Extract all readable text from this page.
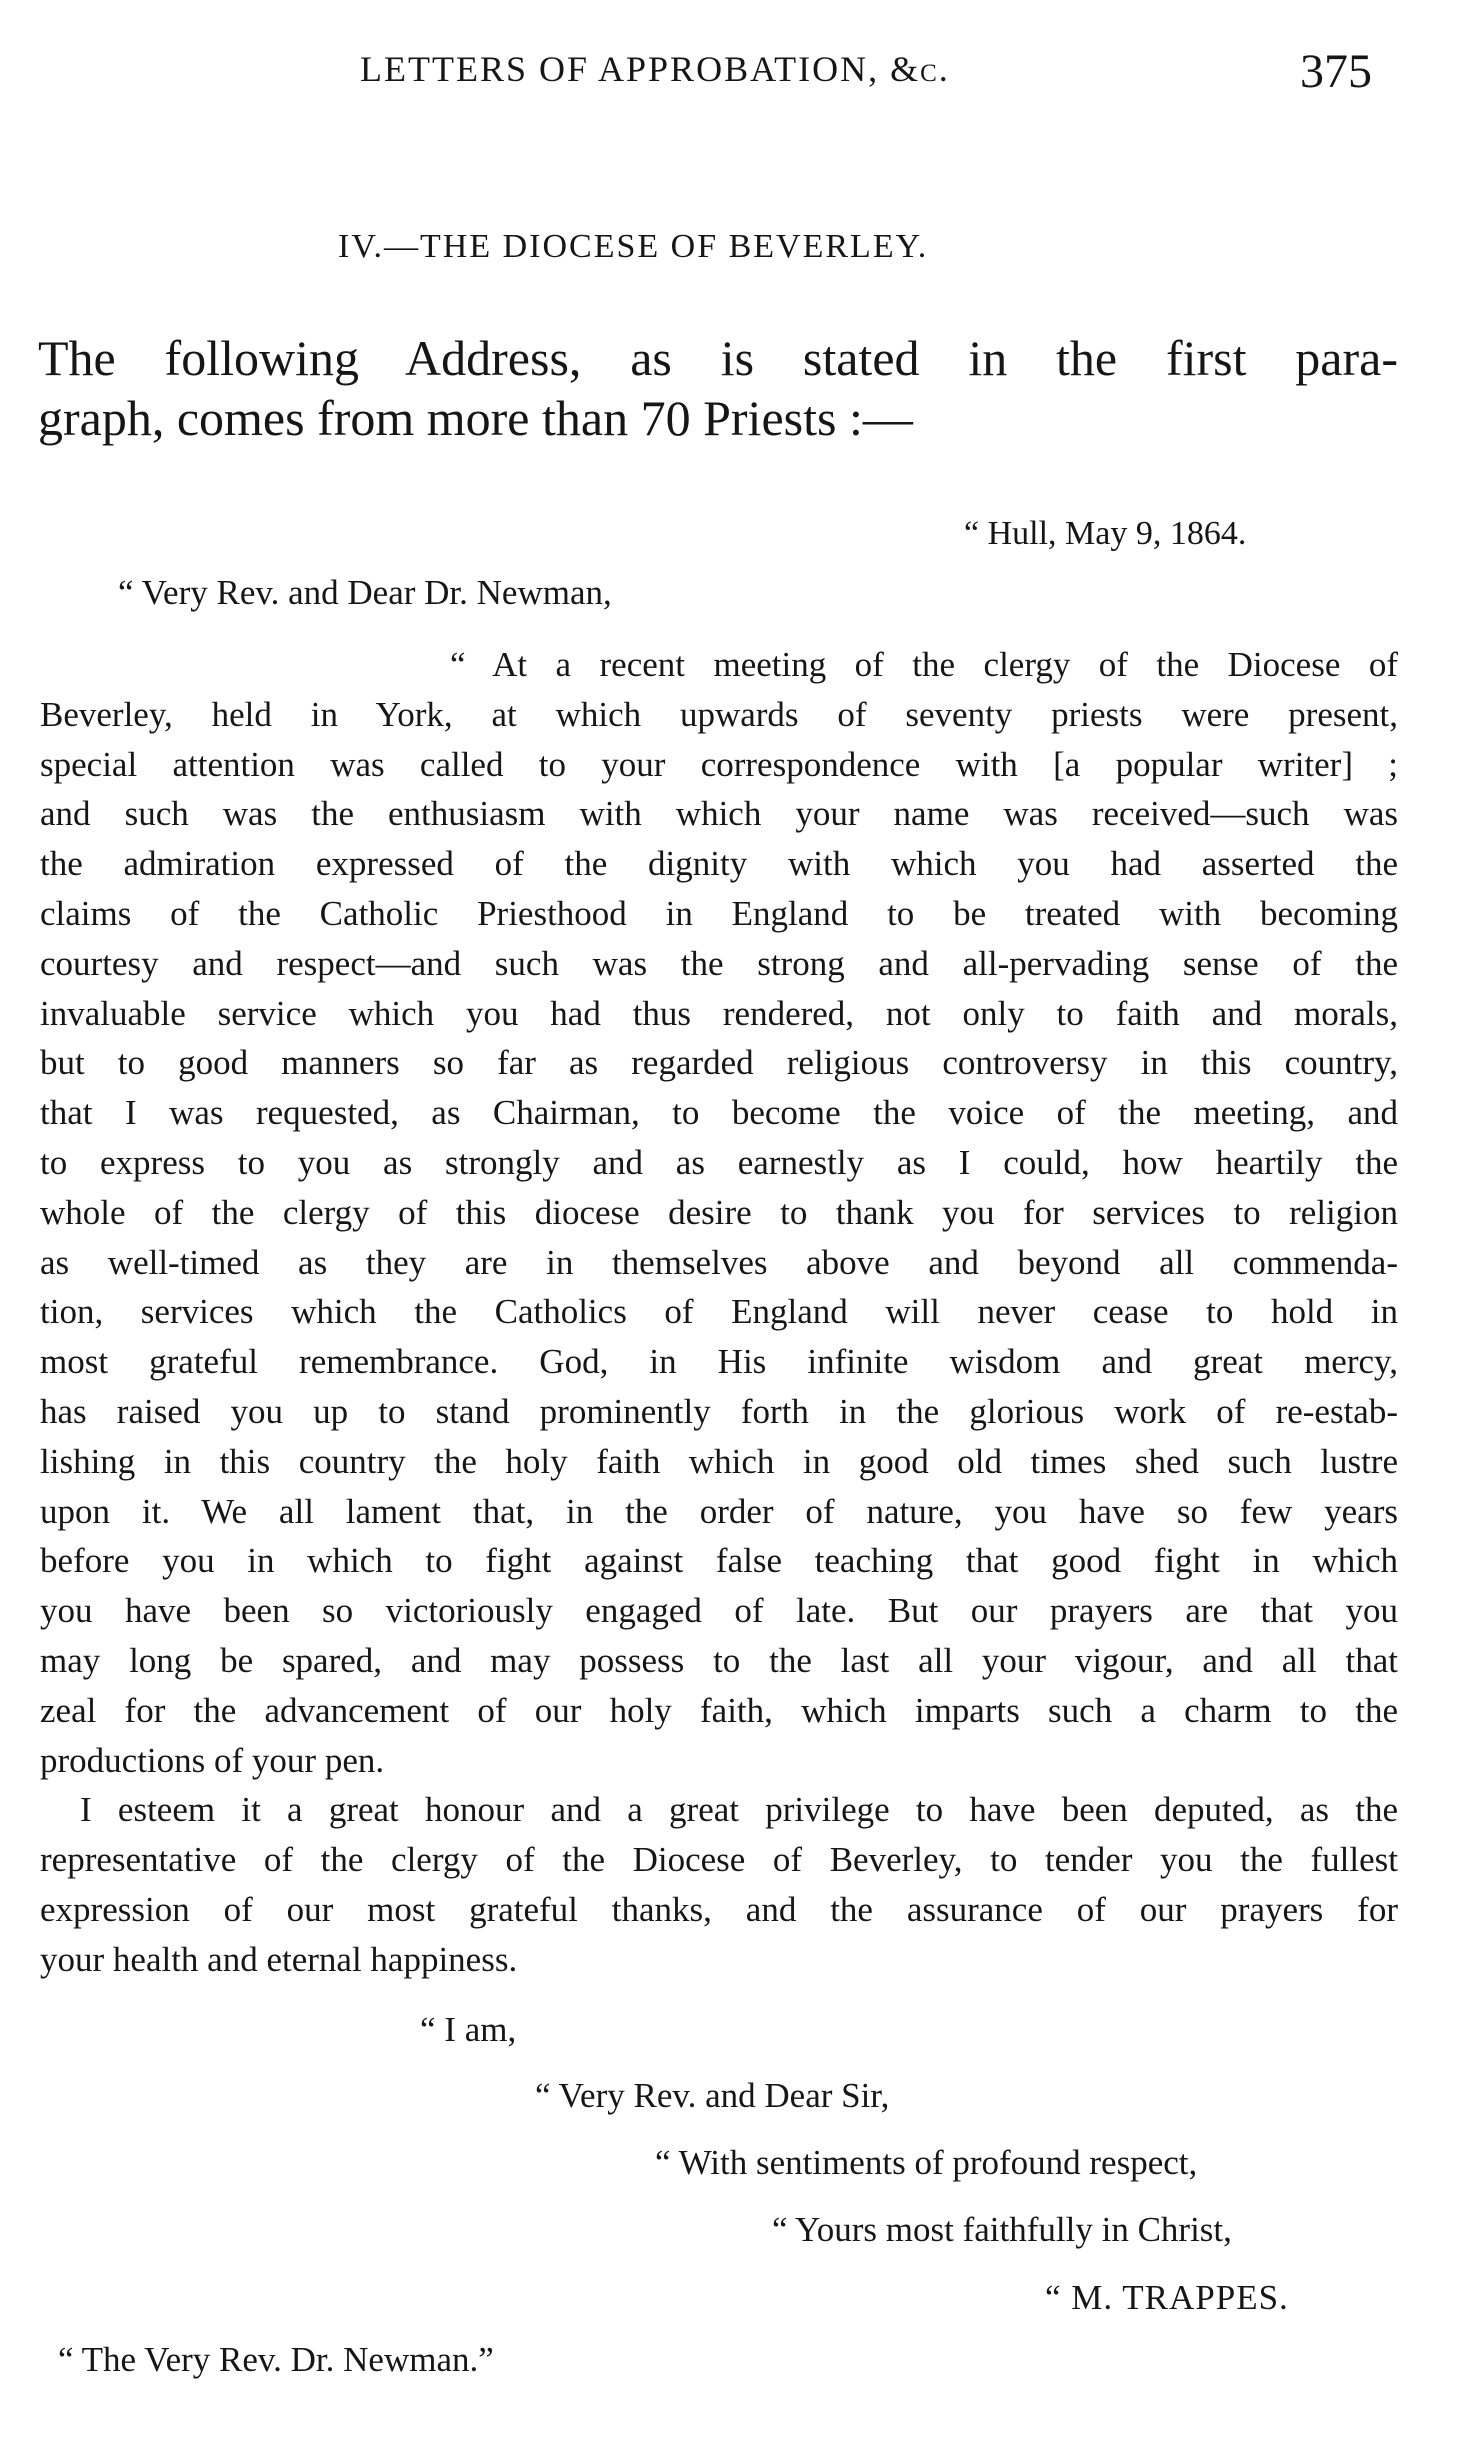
LETTERS OF APPROBATION, &c.	375
IV.—THE DIOCESE OF BEVERLEY.
The following Address, as is stated in the first para-
graph, comes from more than 70 Priests :—
“ Hull, May 9, 1864.
“ Very Rev. and Dear Dr. Newman,
“ At a recent meeting of the clergy of the Diocese of
Beverley, held in York, at which upwards of seventy priests were present,
special attention was called to your correspondence with [a popular writer] ;
and such was the enthusiasm with which your name was received—such was
the admiration expressed of the dignity with which you had asserted the
claims of the Catholic Priesthood in England to be treated with becoming
courtesy and respect—and such was the strong and all-pervading sense of the
invaluable service which you had thus rendered, not only to faith and morals,
but to good manners so far as regarded religious controversy in this country,
that I was requested, as Chairman, to become the voice of the meeting, and
to express to you as strongly and as earnestly as I could, how heartily the
whole of the clergy of this diocese desire to thank you for services to religion
as well-timed as they are in themselves above and beyond all commenda-
tion, services which the Catholics of England will never cease to hold in
most grateful remembrance. God, in His infinite wisdom and great mercy,
has raised you up to stand prominently forth in the glorious work of re-estab-
lishing in this country the holy faith which in good old times shed such lustre
upon it. We all lament that, in the order of nature, you have so few years
before you in which to fight against false teaching that good fight in which
you have been so victoriously engaged of late. But our prayers are that you
may long be spared, and may possess to the last all your vigour, and all that
zeal for the advancement of our holy faith, which imparts such a charm to the
productions of your pen.
I esteem it a great honour and a great privilege to have been deputed, as the
representative of the clergy of the Diocese of Beverley, to tender you the fullest
expression of our most grateful thanks, and the assurance of our prayers for
your health and eternal happiness.
“ I am,
“ Very Rev. and Dear Sir,
“ With sentiments of profound respect,
“ Yours most faithfully in Christ,
“ M. TRAPPES.
“ The Very Rev. Dr. Newman.”
